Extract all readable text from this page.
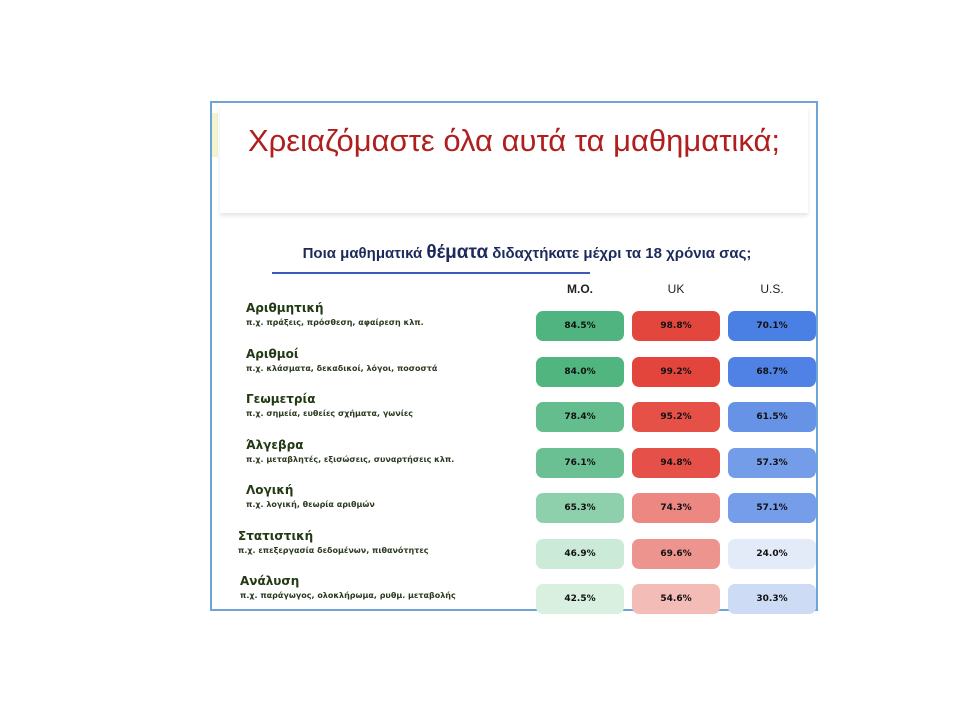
Χρειαζόμαστε όλα αυτά τα μαθηματικά;

Ποια μαθηματικά θέματα διδαχτήκατε μέχρι τα 18 χρόνια σας;

M.O.	UK	U.S.
Αριθμητική
π.χ. πράξεις, πρόσθεση, αφαίρεση κλπ.	84.5%	98.8%	70.1%
Αριθμοί
π.χ. κλάσματα, δεκαδικοί, λόγοι, ποσοστά	84.0%	99.2%	68.7%
Γεωμετρία
π.χ. σημεία, ευθείες σχήματα, γωνίες	78.4%	95.2%	61.5%
Άλγεβρα
π.χ. μεταβλητές, εξισώσεις, συναρτήσεις κλπ.	76.1%	94.8%	57.3%
Λογική
π.χ. λογική, θεωρία αριθμών	65.3%	74.3%	57.1%
Στατιστική
π.χ. επεξεργασία δεδομένων, πιθανότητες	46.9%	69.6%	24.0%
Ανάλυση
π.χ. παράγωγος, ολοκλήρωμα, ρυθμ. μεταβολής	42.5%	54.6%	30.3%
